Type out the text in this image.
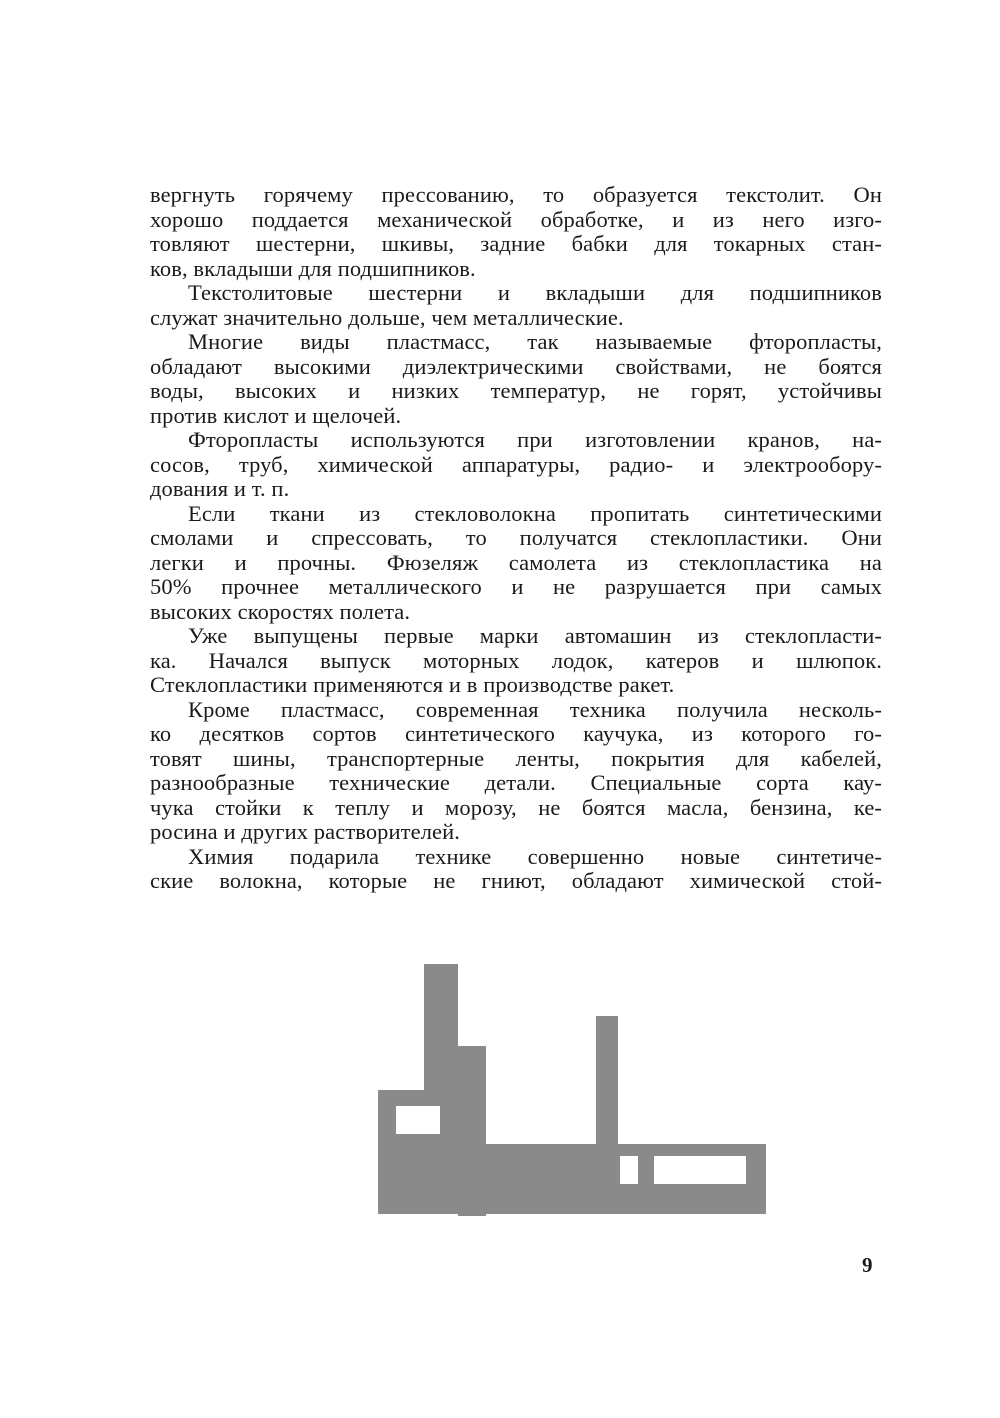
вергнуть горячему прессованию, то образуется текстолит. Он
хорошо поддается механической обработке, и из него изго-
товляют шестерни, шкивы, задние бабки для токарных стан-
ков, вкладыши для подшипников.
Текстолитовые шестерни и вкладыши для подшипников
служат значительно дольше, чем металлические.
Многие виды пластмасс, так называемые фторопласты,
обладают высокими диэлектрическими свойствами, не боятся
воды, высоких и низких температур, не горят, устойчивы
против кислот и щелочей.
Фторопласты используются при изготовлении кранов, на-
сосов, труб, химической аппаратуры, радио- и электрообору-
дования и т. п.
Если ткани из стекловолокна пропитать синтетическими
смолами и спрессовать, то получатся стеклопластики. Они
легки и прочны. Фюзеляж самолета из стеклопластика на
50% прочнее металлического и не разрушается при самых
высоких скоростях полета.
Уже выпущены первые марки автомашин из стеклопласти-
ка. Начался выпуск моторных лодок, катеров и шлюпок.
Стеклопластики применяются и в производстве ракет.
Кроме пластмасс, современная техника получила несколь-
ко десятков сортов синтетического каучука, из которого го-
товят шины, транспортерные ленты, покрытия для кабелей,
разнообразные технические детали. Специальные сорта кау-
чука стойки к теплу и морозу, не боятся масла, бензина, ке-
росина и других растворителей.
Химия подарила технике совершенно новые синтетиче-
ские волокна, которые не гниют, обладают химической стой-
9
